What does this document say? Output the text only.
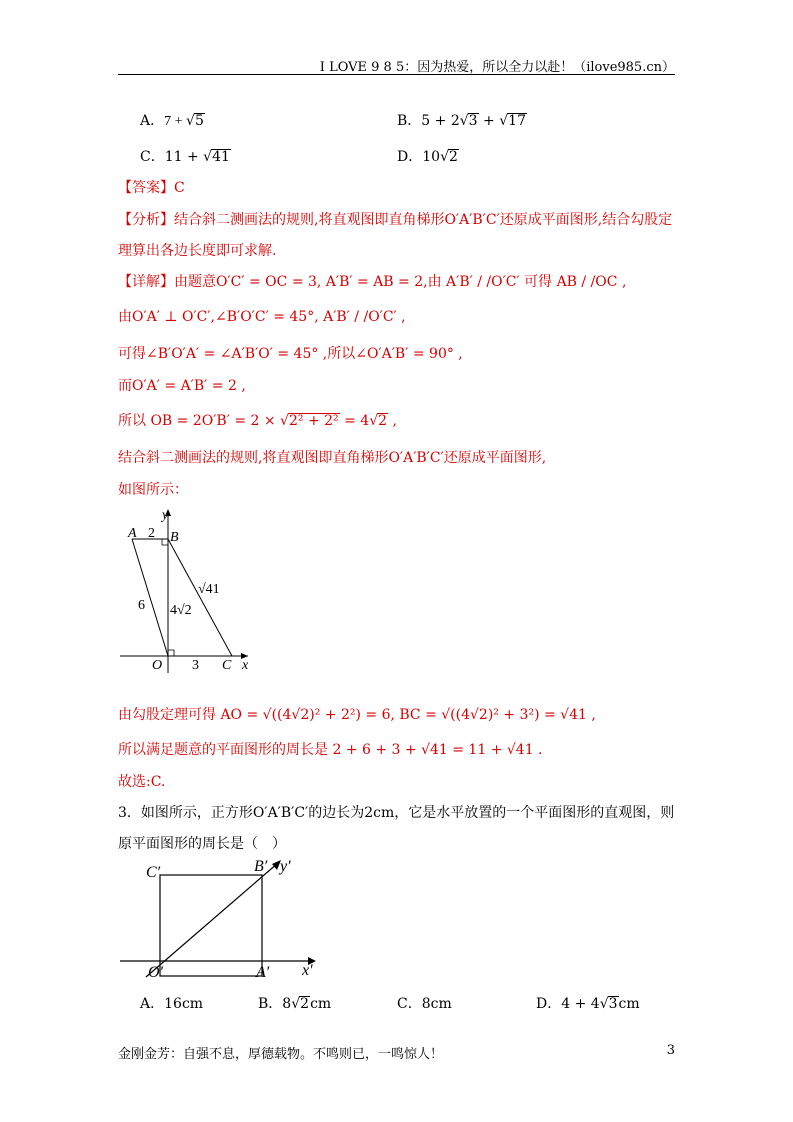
I LOVE 9 8 5：因为热爱，所以全力以赴！（ilove985.cn）
A．7 + √5	B．5 + 2√3 + √17
C．11 + √41	D．10√2
【答案】C
【分析】结合斜二测画法的规则,将直观图即直角梯形O′A′B′C′还原成平面图形,结合勾股定
理算出各边长度即可求解.
【详解】由题意O′C′ = OC = 3, A′B′ = AB = 2,由 A′B′ / /O′C′ 可得 AB / /OC ,
由O′A′ ⊥ O′C′,∠B′O′C′ = 45°, A′B′ / /O′C′ ,
可得∠B′O′A′ = ∠A′B′O′ = 45° ,所以∠O′A′B′ = 90° ,
而O′A′ = A′B′ = 2 ,
所以 OB = 2O′B′ = 2 × √2² + 2² = 4√2 ,
结合斜二测画法的规则,将直观图即直角梯形O′A′B′C′还原成平面图形,
如图所示：
y
A 2 B
√41
6 4√2
O 3 C x
由勾股定理可得 AO = √((4√2)² + 2²) = 6, BC = √((4√2)² + 3²) = √41 ,
所以满足题意的平面图形的周长是 2 + 6 + 3 + √41 = 11 + √41 .
故选:C.
3．如图所示，正方形O′A′B′C′的边长为2cm，它是水平放置的一个平面图形的直观图，则
原平面图形的周长是（　）
C′	B′ y′
O′	A′ x′
A．16cm	B．8√2cm	C．8cm	D．4 + 4√3cm
金刚金芳：自强不息，厚德载物。不鸣则已，一鸣惊人！	3
